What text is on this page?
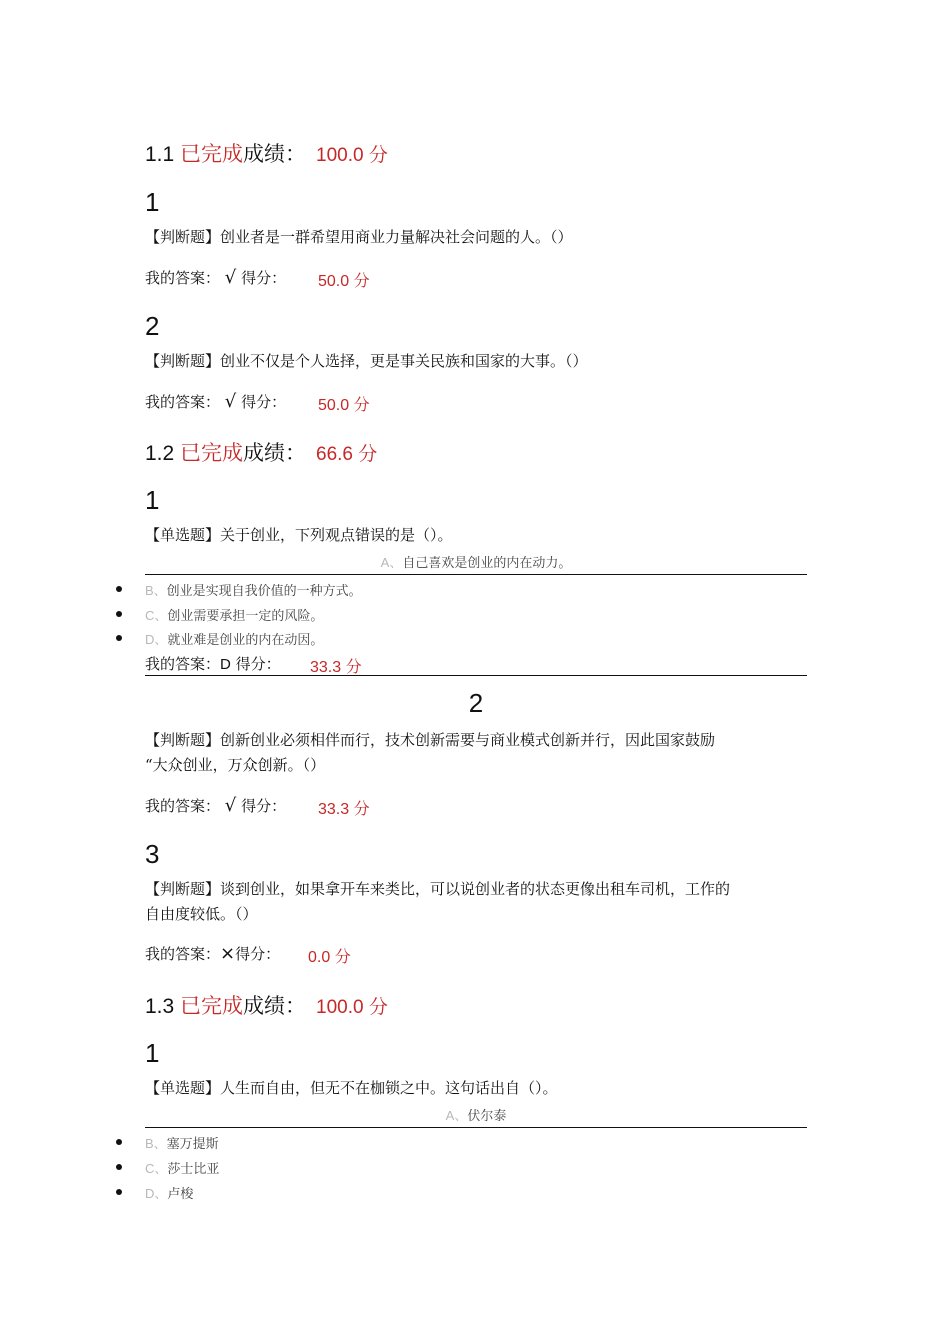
1.1 已完成成绩： 100.0 分
1
【判断题】创业者是一群希望用商业力量解决社会问题的人。（）
我的答案： √ 得分： 50.0 分
2
【判断题】创业不仅是个人选择，更是事关民族和国家的大事。（）
我的答案： √ 得分： 50.0 分
1.2 已完成成绩： 66.6 分
1
【单选题】关于创业，下列观点错误的是（）。
A、自己喜欢是创业的内在动力。
B、创业是实现自我价值的一种方式。
C、创业需要承担一定的风险。
D、就业难是创业的内在动因。
我的答案：D 得分： 33.3 分
2
【判断题】创新创业必须相伴而行，技术创新需要与商业模式创新并行，因此国家鼓励
“大众创业，万众创新。（）
我的答案： √ 得分： 33.3 分
3
【判断题】谈到创业，如果拿开车来类比，可以说创业者的状态更像出租车司机，工作的
自由度较低。（）
我的答案：×得分： 0.0 分
1.3 已完成成绩： 100.0 分
1
【单选题】人生而自由，但无不在枷锁之中。这句话出自（）。
A、伏尔泰
B、塞万提斯
C、莎士比亚
D、卢梭
